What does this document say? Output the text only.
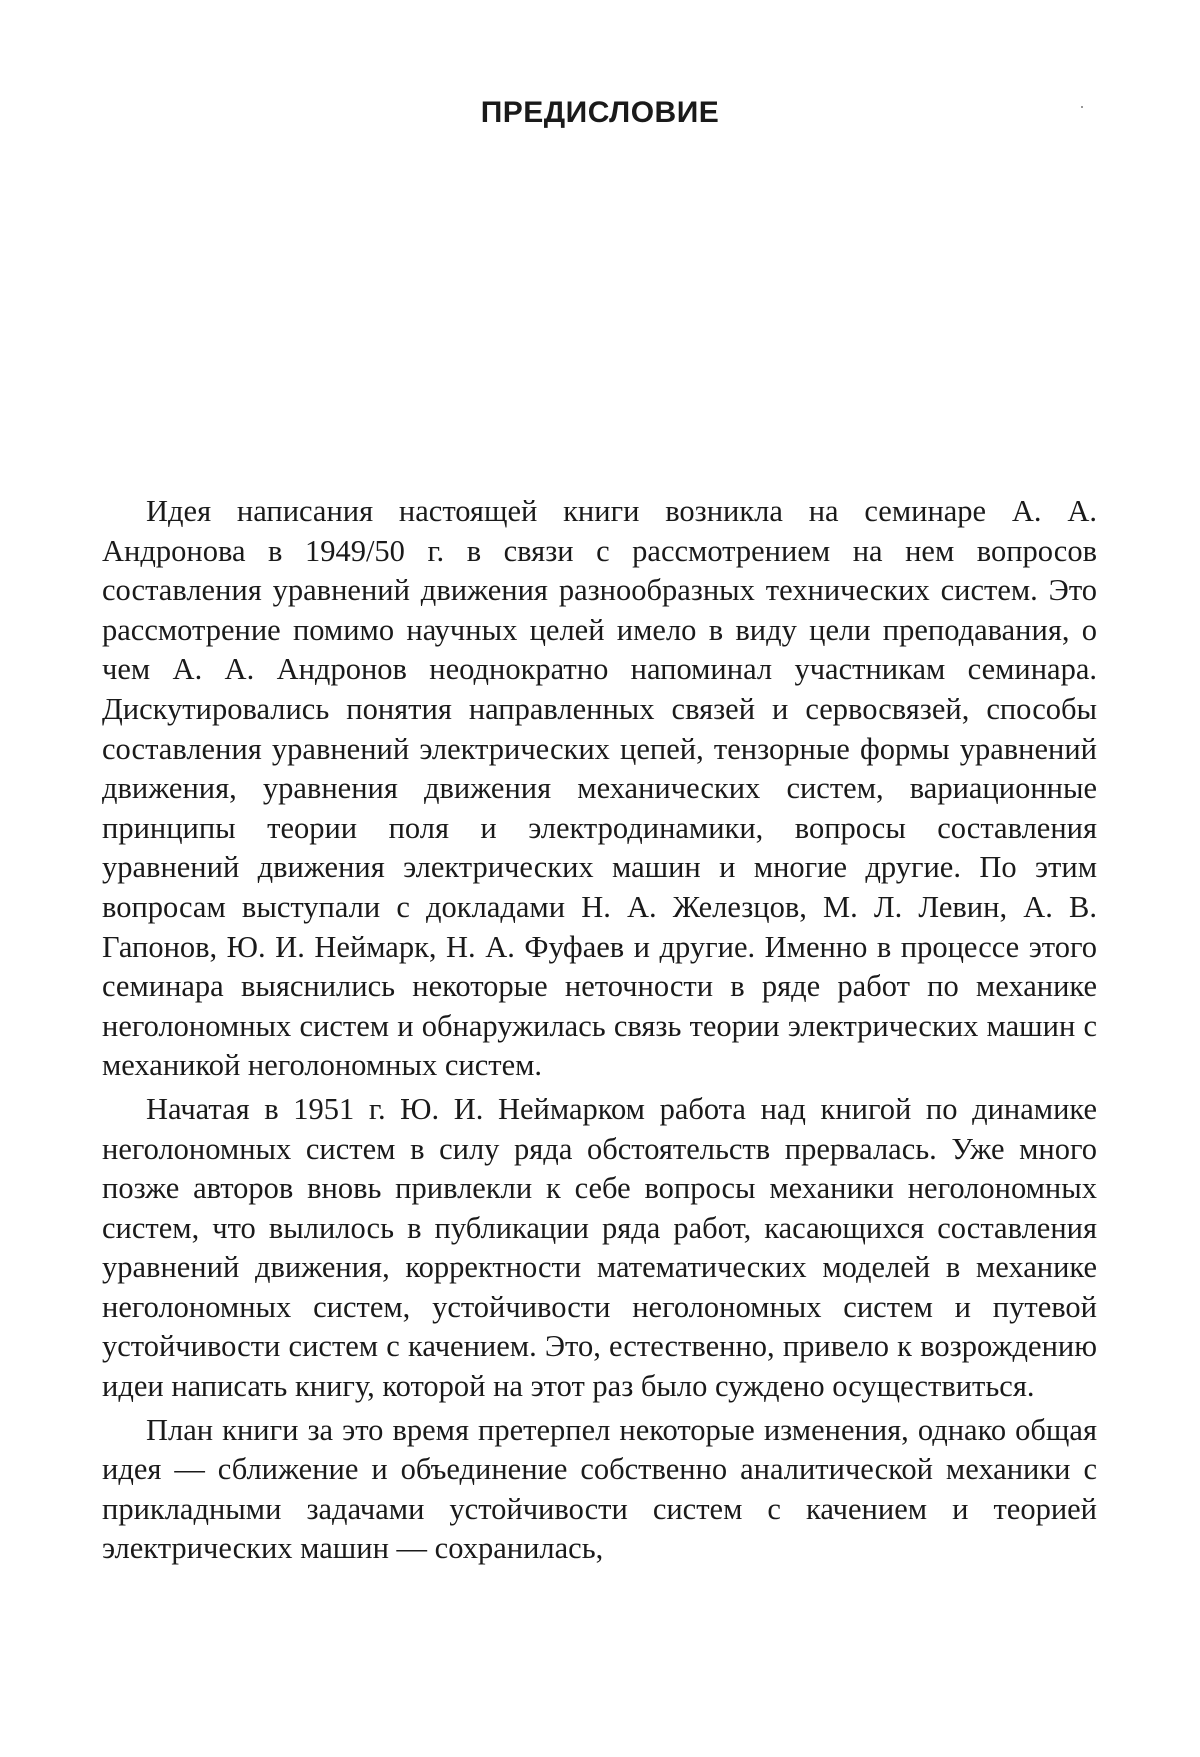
ПРЕДИСЛОВИЕ

Идея написания настоящей книги возникла на семинаре А. А. Андронова в 1949/50 г. в связи с рассмотрением на нем вопросов составления уравнений движения разнообразных технических систем. Это рассмотрение помимо научных целей имело в виду цели преподавания, о чем А. А. Андронов неоднократно напоминал участникам семинара. Дискутировались понятия направленных связей и сервосвязей, способы составления уравнений электрических цепей, тензорные формы уравнений движения, уравнения движения механических систем, вариационные принципы теории поля и электродинамики, вопросы составления уравнений движения электрических машин и многие другие. По этим вопросам выступали с докладами Н. А. Железцов, М. Л. Левин, А. В. Гапонов, Ю. И. Неймарк, Н. А. Фуфаев и другие. Именно в процессе этого семинара выяснились некоторые неточности в ряде работ по механике неголономных систем и обнаружилась связь теории электрических машин с механикой неголономных систем.

Начатая в 1951 г. Ю. И. Неймарком работа над книгой по динамике неголономных систем в силу ряда обстоятельств прервалась. Уже много позже авторов вновь привлекли к себе вопросы механики неголономных систем, что вылилось в публикации ряда работ, касающихся составления уравнений движения, корректности математических моделей в механике неголономных систем, устойчивости неголономных систем и путевой устойчивости систем с качением. Это, естественно, привело к возрождению идеи написать книгу, которой на этот раз было суждено осуществиться.

План книги за это время претерпел некоторые изменения, однако общая идея — сближение и объединение собственно аналитической механики с прикладными задачами устойчивости систем с качением и теорией электрических машин — сохранилась,
